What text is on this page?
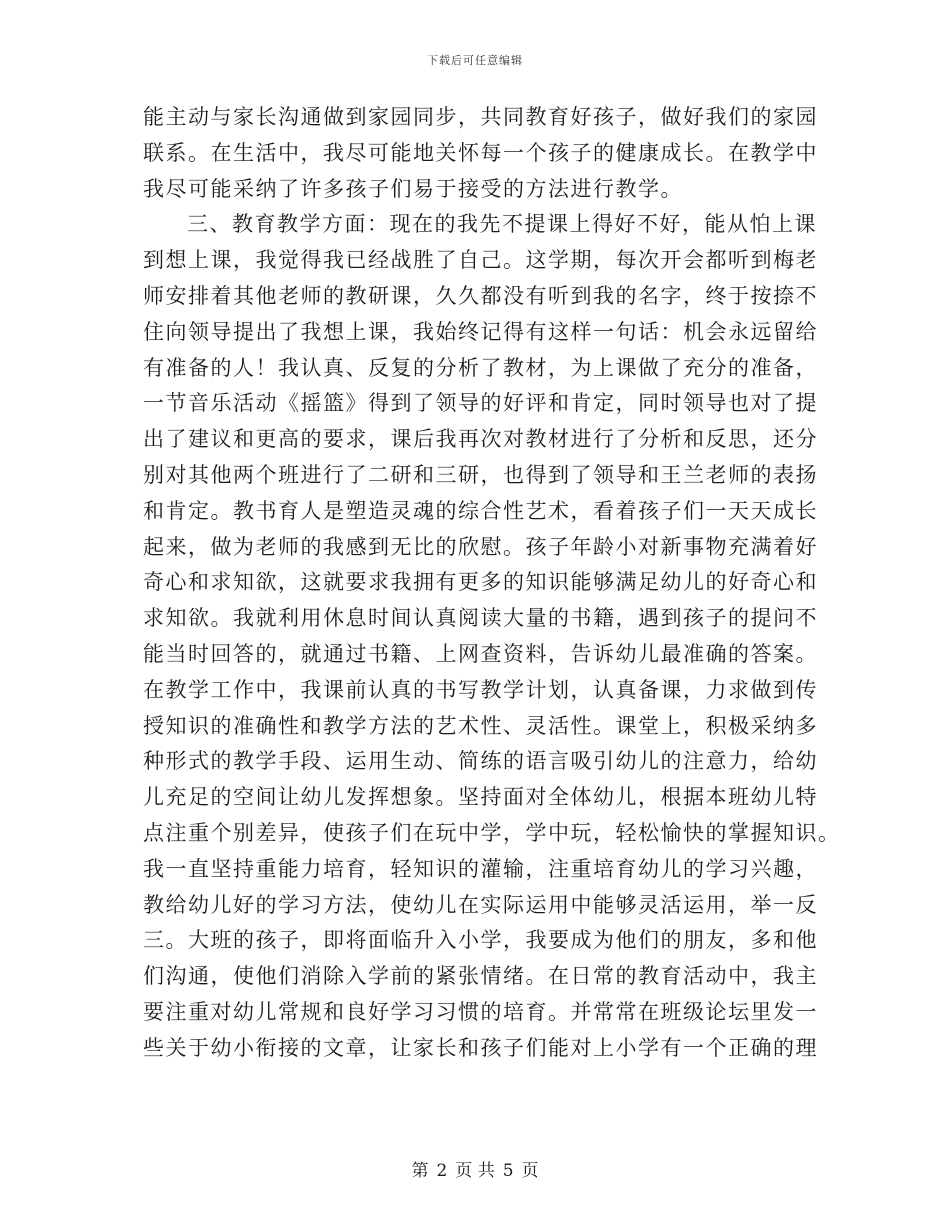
下载后可任意编辑
能主动与家长沟通做到家园同步，共同教育好孩子，做好我们的家园
联系。在生活中，我尽可能地关怀每一个孩子的健康成长。在教学中
我尽可能采纳了许多孩子们易于接受的方法进行教学。
三、教育教学方面：现在的我先不提课上得好不好，能从怕上课
到想上课，我觉得我已经战胜了自己。这学期，每次开会都听到梅老
师安排着其他老师的教研课，久久都没有听到我的名字，终于按捺不
住向领导提出了我想上课，我始终记得有这样一句话：机会永远留给
有准备的人！我认真、反复的分析了教材，为上课做了充分的准备，
一节音乐活动《摇篮》得到了领导的好评和肯定，同时领导也对了提
出了建议和更高的要求，课后我再次对教材进行了分析和反思，还分
别对其他两个班进行了二研和三研，也得到了领导和王兰老师的表扬
和肯定。教书育人是塑造灵魂的综合性艺术，看着孩子们一天天成长
起来，做为老师的我感到无比的欣慰。孩子年龄小对新事物充满着好
奇心和求知欲，这就要求我拥有更多的知识能够满足幼儿的好奇心和
求知欲。我就利用休息时间认真阅读大量的书籍，遇到孩子的提问不
能当时回答的，就通过书籍、上网查资料，告诉幼儿最准确的答案。
在教学工作中，我课前认真的书写教学计划，认真备课，力求做到传
授知识的准确性和教学方法的艺术性、灵活性。课堂上，积极采纳多
种形式的教学手段、运用生动、简练的语言吸引幼儿的注意力，给幼
儿充足的空间让幼儿发挥想象。坚持面对全体幼儿，根据本班幼儿特
点注重个别差异，使孩子们在玩中学，学中玩，轻松愉快的掌握知识。
我一直坚持重能力培育，轻知识的灌输，注重培育幼儿的学习兴趣，
教给幼儿好的学习方法，使幼儿在实际运用中能够灵活运用，举一反
三。大班的孩子，即将面临升入小学，我要成为他们的朋友，多和他
们沟通，使他们消除入学前的紧张情绪。在日常的教育活动中，我主
要注重对幼儿常规和良好学习习惯的培育。并常常在班级论坛里发一
些关于幼小衔接的文章，让家长和孩子们能对上小学有一个正确的理
第 2 页 共 5 页
